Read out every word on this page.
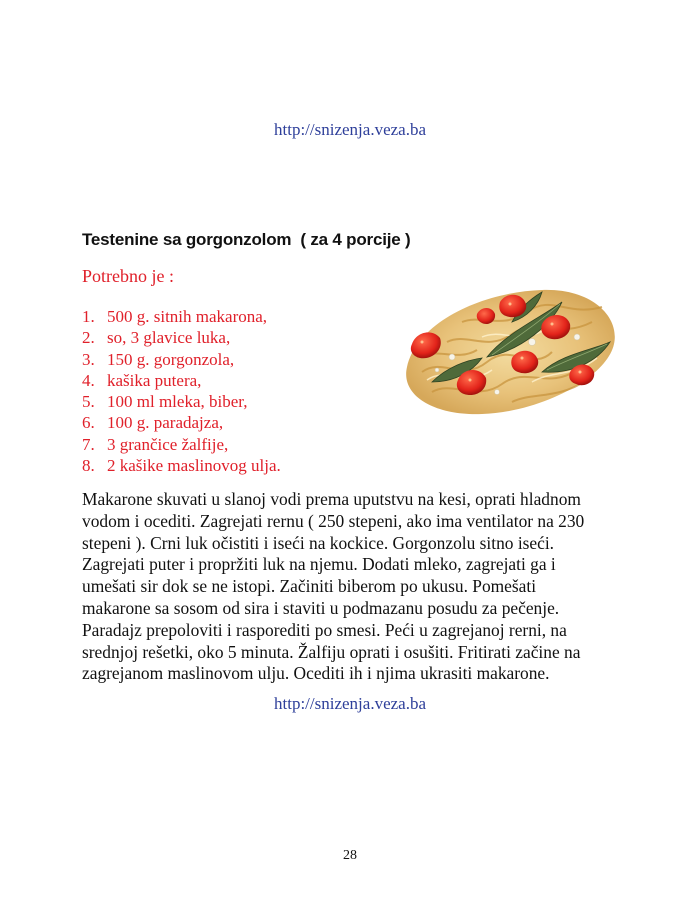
http://snizenja.veza.ba
Testenine sa gorgonzolom  ( za 4 porcije )
Potrebno je :
1. 500 g. sitnih makarona,
2. so, 3 glavice luka,
3. 150 g. gorgonzola,
4. kašika putera,
5. 100 ml mleka, biber,
6. 100 g. paradajza,
7. 3 grančice žalfije,
8. 2 kašike maslinovog ulja.

Makarone skuvati u slanoj vodi prema uputstvu na kesi, oprati hladnom
vodom i oceditі. Zagrejati rernu ( 250 stepeni, ako ima ventilator na 230
stepeni ). Crni luk očistiti i iseći na kockice. Gorgonzolu sitno iseći.
Zagrejati puter i propržiti luk na njemu. Dodati mleko, zagrejati ga i
umešati sir dok se ne istopi. Začiniti biberom po ukusu. Pomešati
makarone sa sosom od sira i staviti u podmazanu posudu za pečenje.
Paradajz prepoloviti i rasporediti po smesi. Peći u zagrejanoj rerni, na
srednjoj rešetki, oko 5 minuta. Žalfiju oprati i osušiti. Fritirati začine na
zagrejanom maslinovom ulju. Oceditі ih i njima ukrasiti makarone.

http://snizenja.veza.ba
28
